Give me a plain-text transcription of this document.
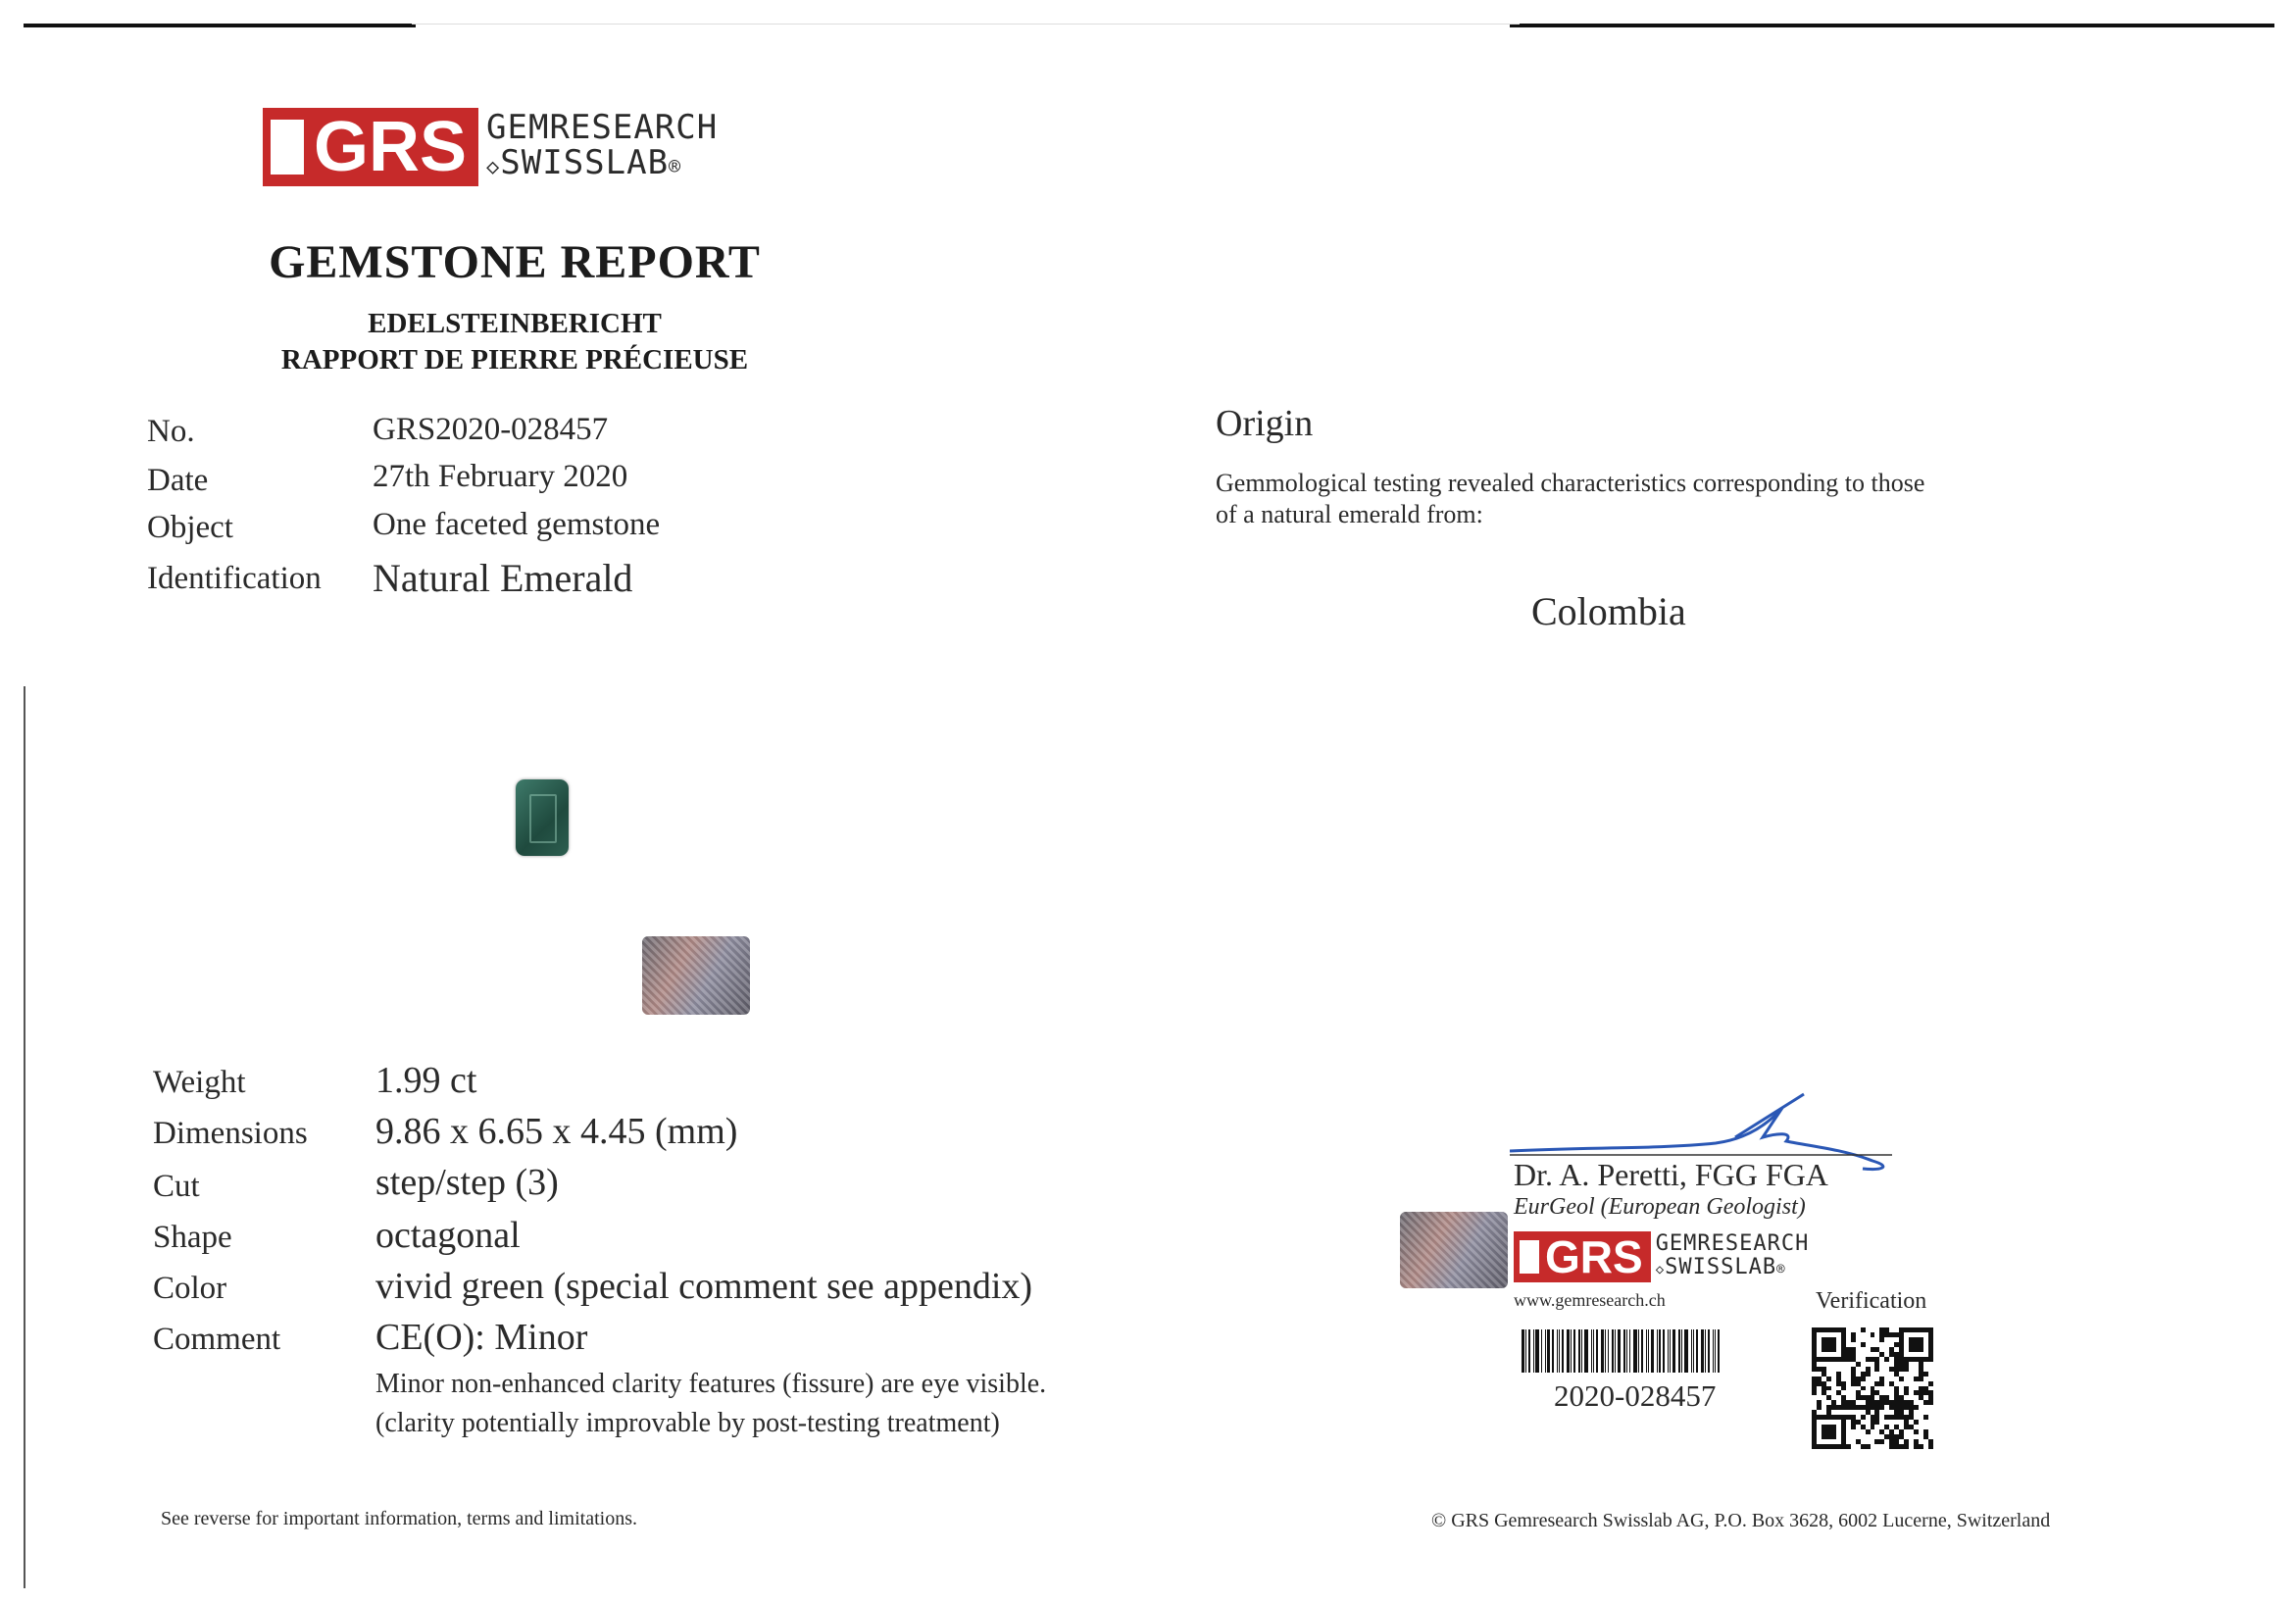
GRS GEMRESEARCH
◇SWISSLAB®
GEMSTONE REPORT
EDELSTEINBERICHT
RAPPORT DE PIERRE PRÉCIEUSE
No.	GRS2020-028457
Date	27th February 2020
Object	One faceted gemstone
Identification Natural Emerald
Weight	1.99 ct
Dimensions 9.86 x 6.65 x 4.45 (mm)
Cut	step/step (3)
Shape	octagonal
Color	vivid green (special comment see appendix)
Comment	CE(O): Minor
Minor non-enhanced clarity features (fissure) are eye visible.
(clarity potentially improvable by post-testing treatment)
See reverse for important information, terms and limitations.
Origin
Gemmological testing revealed characteristics corresponding to those
of a natural emerald from:
Colombia
Dr. A. Peretti, FGG FGA
EurGeol (European Geologist)
GRS GEMRESEARCH
◇SWISSLAB®
www.gemresearch.ch	Verification
2020-028457
© GRS Gemresearch Swisslab AG, P.O. Box 3628, 6002 Lucerne, Switzerland
